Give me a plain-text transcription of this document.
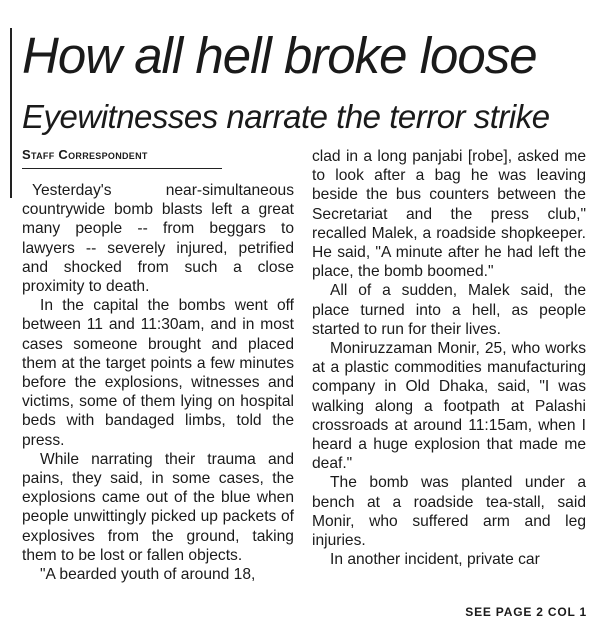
How all hell broke loose
Eyewitnesses narrate the terror strike
Staff Correspondent

Yesterday's near-simultaneous countrywide bomb blasts left a great many people -- from beggars to lawyers -- severely injured, petrified and shocked from such a close proximity to death.

In the capital the bombs went off between 11 and 11:30am, and in most cases someone brought and placed them at the target points a few minutes before the explosions, witnesses and victims, some of them lying on hospital beds with bandaged limbs, told the press.

While narrating their trauma and pains, they said, in some cases, the explosions came out of the blue when people unwittingly picked up packets of explosives from the ground, taking them to be lost or fallen objects.

"A bearded youth of around 18,

clad in a long panjabi [robe], asked me to look after a bag he was leaving beside the bus counters between the Secretariat and the press club," recalled Malek, a roadside shopkeeper. He said, "A minute after he had left the place, the bomb boomed."

All of a sudden, Malek said, the place turned into a hell, as people started to run for their lives.

Moniruzzaman Monir, 25, who works at a plastic commodities manufacturing company in Old Dhaka, said, "I was walking along a footpath at Palashi crossroads at around 11:15am, when I heard a huge explosion that made me deaf."

The bomb was planted under a bench at a roadside tea-stall, said Monir, who suffered arm and leg injuries.

In another incident, private car

SEE PAGE 2 COL 1
